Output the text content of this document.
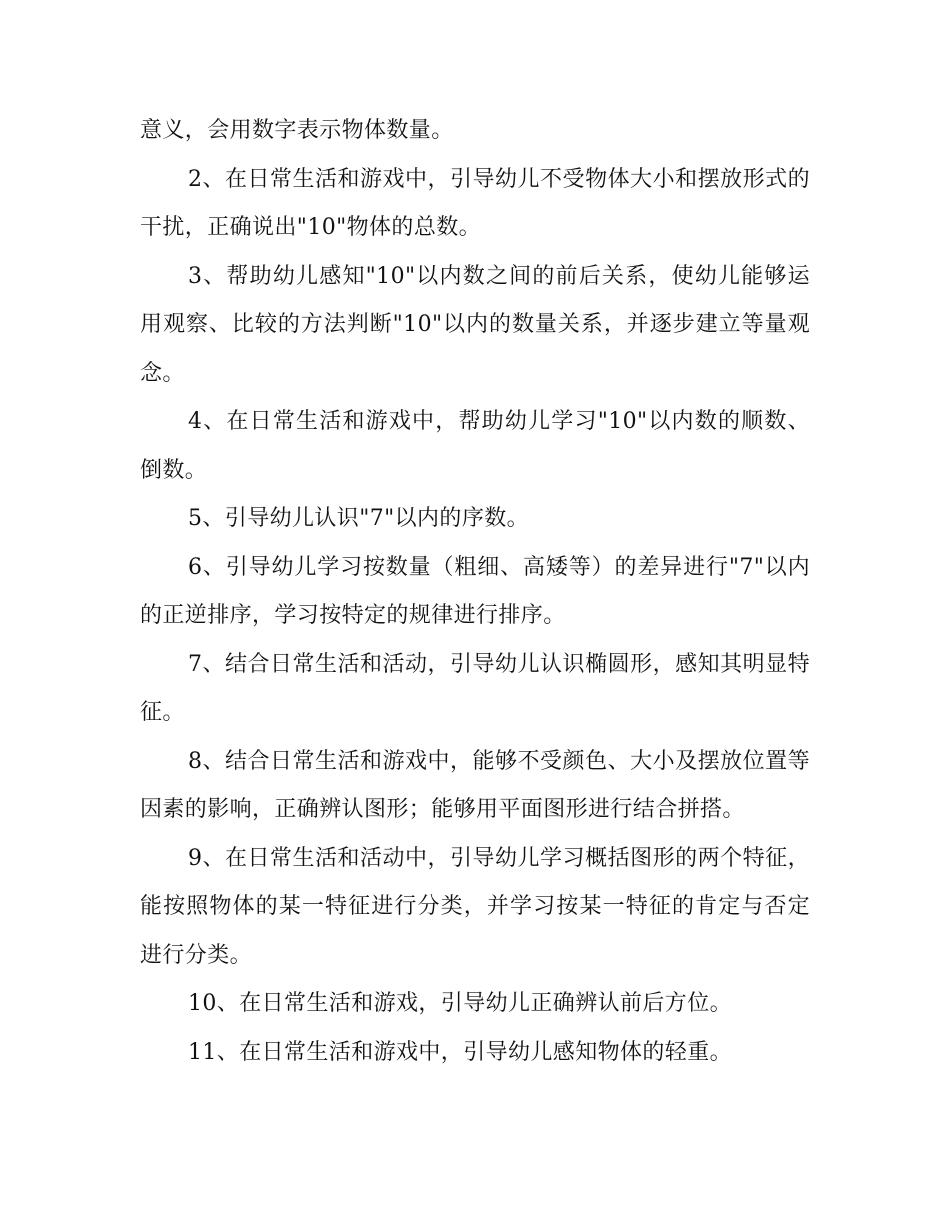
意义，会用数字表示物体数量。

2、在日常生活和游戏中，引导幼儿不受物体大小和摆放形式的干扰，正确说出"10"物体的总数。

3、帮助幼儿感知"10"以内数之间的前后关系，使幼儿能够运用观察、比较的方法判断"10"以内的数量关系，并逐步建立等量观念。

4、在日常生活和游戏中，帮助幼儿学习"10"以内数的顺数、倒数。

5、引导幼儿认识"7"以内的序数。

6、引导幼儿学习按数量（粗细、高矮等）的差异进行"7"以内的正逆排序，学习按特定的规律进行排序。

7、结合日常生活和活动，引导幼儿认识椭圆形，感知其明显特征。

8、结合日常生活和游戏中，能够不受颜色、大小及摆放位置等因素的影响，正确辨认图形；能够用平面图形进行结合拼搭。

9、在日常生活和活动中，引导幼儿学习概括图形的两个特征，能按照物体的某一特征进行分类，并学习按某一特征的肯定与否定进行分类。

10、在日常生活和游戏，引导幼儿正确辨认前后方位。

11、在日常生活和游戏中，引导幼儿感知物体的轻重。
